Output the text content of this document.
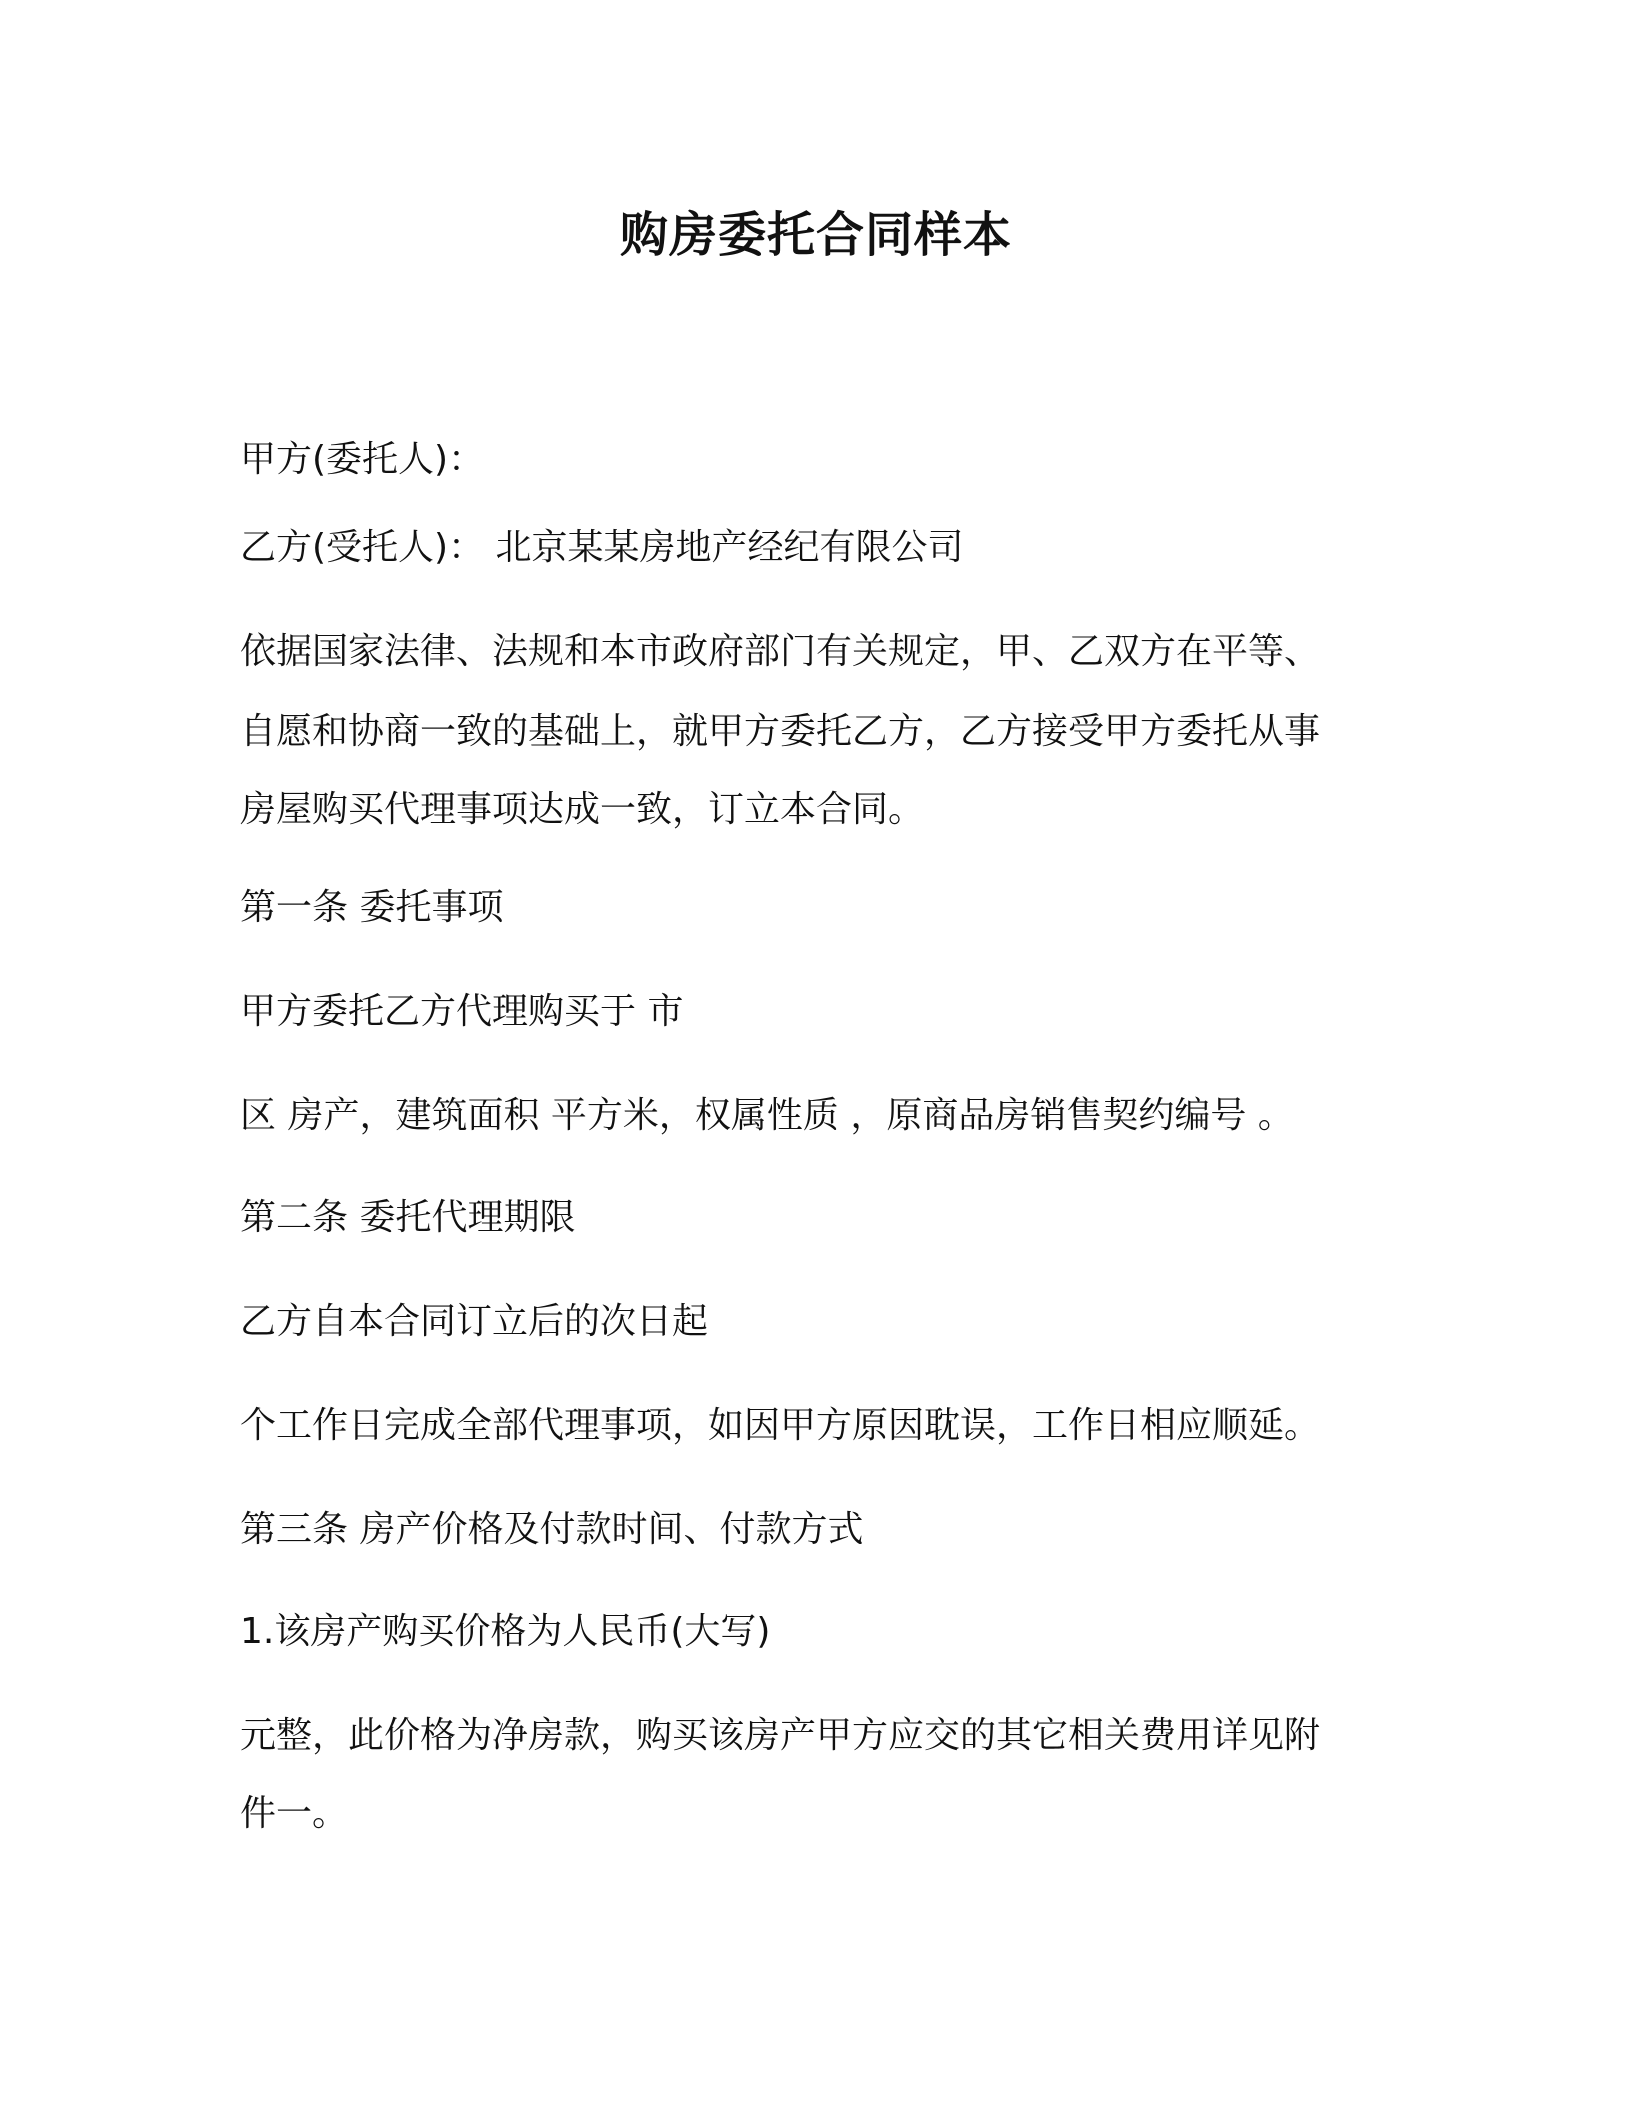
购房委托合同样本

甲方(委托人)：

乙方(受托人)： 北京某某房地产经纪有限公司

依据国家法律、法规和本市政府部门有关规定，甲、乙双方在平等、

自愿和协商一致的基础上，就甲方委托乙方，乙方接受甲方委托从事

房屋购买代理事项达成一致，订立本合同。

第一条 委托事项

甲方委托乙方代理购买于 市

区 房产，建筑面积 平方米，权属性质 ，原商品房销售契约编号 。

第二条 委托代理期限

乙方自本合同订立后的次日起

个工作日完成全部代理事项，如因甲方原因耽误，工作日相应顺延。

第三条 房产价格及付款时间、付款方式

1.该房产购买价格为人民币(大写)

元整，此价格为净房款，购买该房产甲方应交的其它相关费用详见附

件一。
